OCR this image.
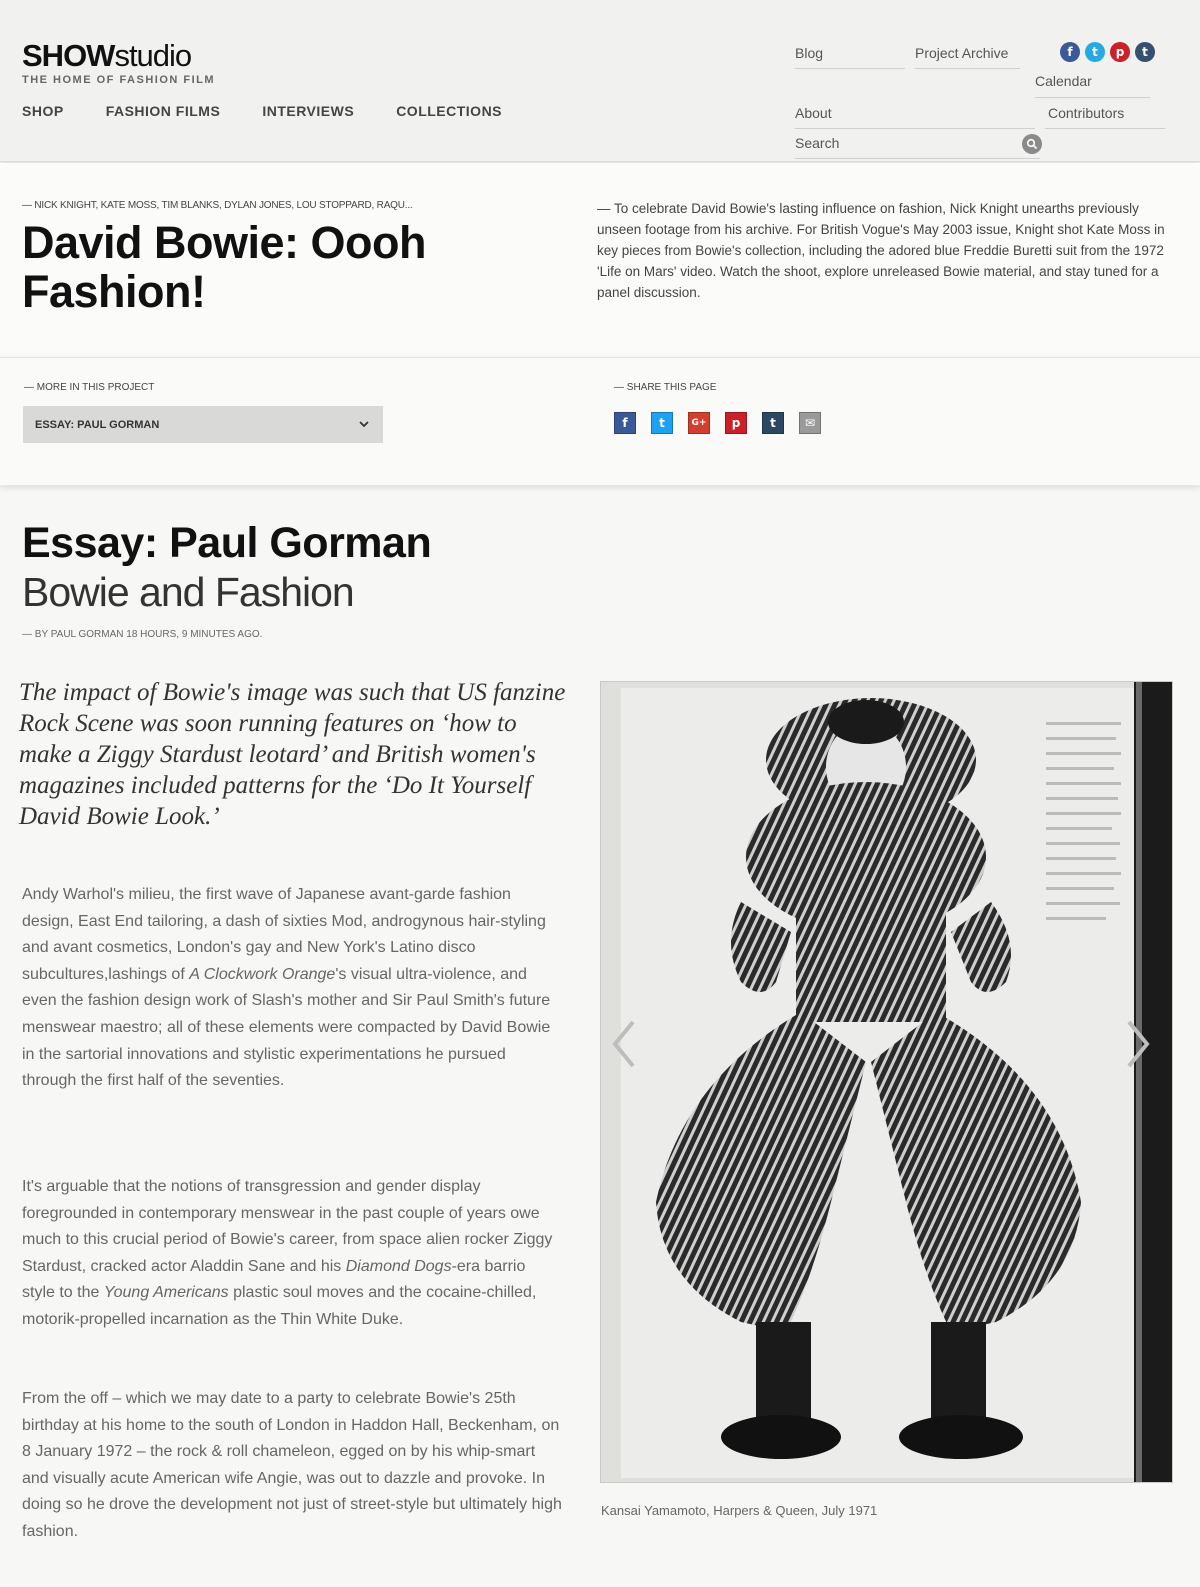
SHOWstudio
THE HOME OF FASHION FILM
SHOP	FASHION FILMS	INTERVIEWS	COLLECTIONS
Blog	Project Archive
Calendar
About	Contributors
Search
f	t	p	t
— NICK KNIGHT, KATE MOSS, TIM BLANKS, DYLAN JONES, LOU STOPPARD, RAQU...
David Bowie: Oooh
Fashion!
— To celebrate David Bowie's lasting influence on fashion, Nick Knight unearths previously unseen footage from his archive. For British Vogue's May 2003 issue, Knight shot Kate Moss in key pieces from Bowie's collection, including the adored blue Freddie Buretti suit from the 1972 'Life on Mars' video. Watch the shoot, explore unreleased Bowie material, and stay tuned for a panel discussion.
— MORE IN THIS PROJECT
ESSAY: PAUL GORMAN
— SHARE THIS PAGE
f	t	G+	p	t	✉
Essay: Paul Gorman
Bowie and Fashion
— BY PAUL GORMAN 18 HOURS, 9 MINUTES AGO.
The impact of Bowie's image was such that US fanzine Rock Scene was soon running features on ‘how to make a Ziggy Stardust leotard’ and British women's magazines included patterns for the ‘Do It Yourself David Bowie Look.’
Andy Warhol's milieu, the first wave of Japanese avant-garde fashion design, East End tailoring, a dash of sixties Mod, androgynous hair-styling and avant cosmetics, London's gay and New York's Latino disco subcultures,lashings of A Clockwork Orange's visual ultra-violence, and even the fashion design work of Slash's mother and Sir Paul Smith's future menswear maestro; all of these elements were compacted by David Bowie in the sartorial innovations and stylistic experimentations he pursued through the first half of the seventies.
It's arguable that the notions of transgression and gender display foregrounded in contemporary menswear in the past couple of years owe much to this crucial period of Bowie's career, from space alien rocker Ziggy Stardust, cracked actor Aladdin Sane and his Diamond Dogs-era barrio style to the Young Americans plastic soul moves and the cocaine-chilled, motorik-propelled incarnation as the Thin White Duke.
From the off – which we may date to a party to celebrate Bowie's 25th birthday at his home to the south of London in Haddon Hall, Beckenham, on 8 January 1972 – the rock & roll chameleon, egged on by his whip-smart and visually acute American wife Angie, was out to dazzle and provoke. In doing so he drove the development not just of street-style but ultimately high fashion.
Kansai Yamamoto, Harpers & Queen, July 1971
